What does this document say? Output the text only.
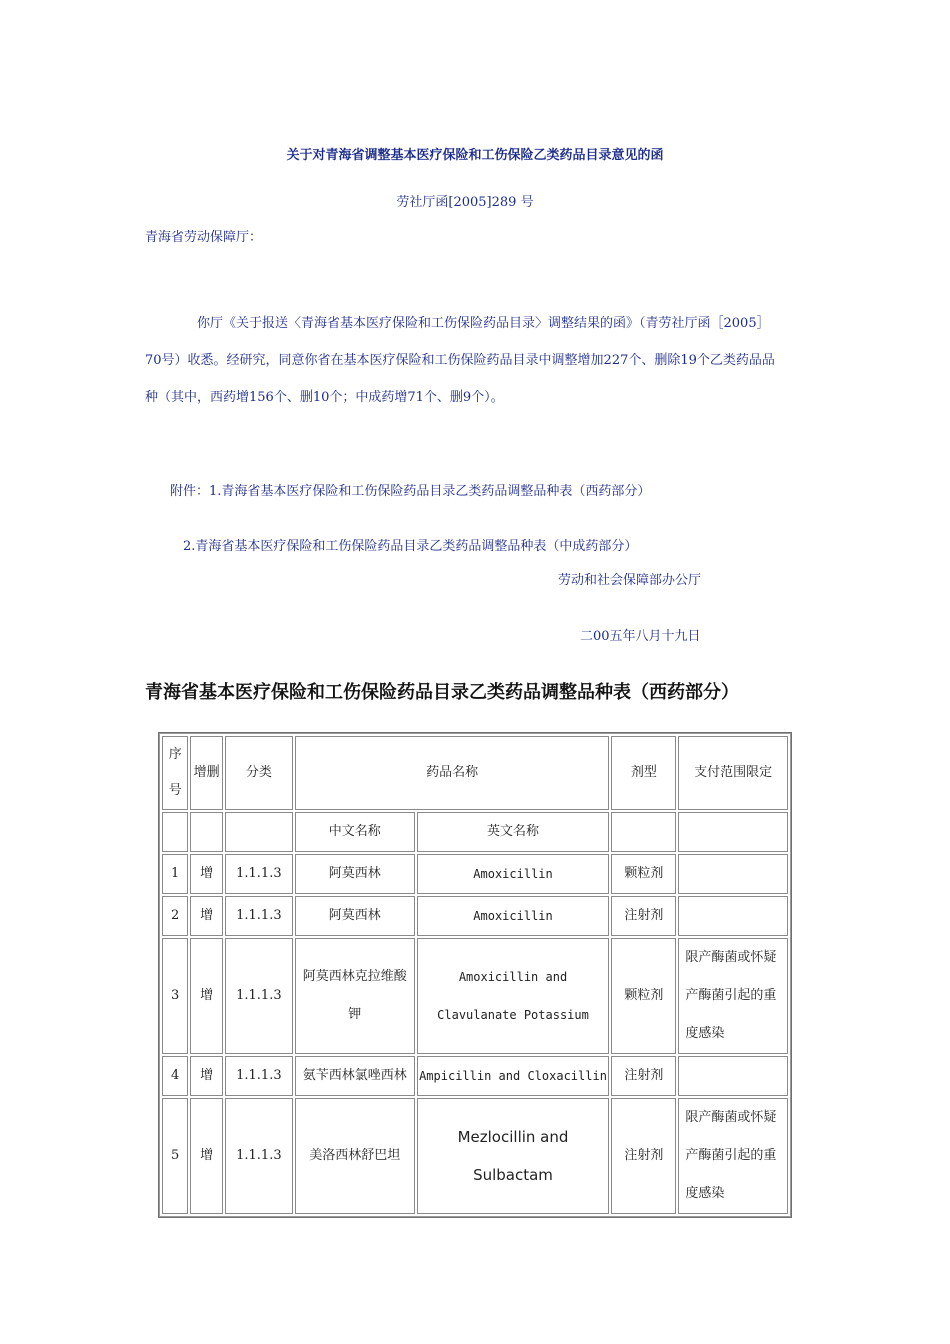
关于对青海省调整基本医疗保险和工伤保险乙类药品目录意见的函
劳社厅函[2005]289 号
青海省劳动保障厅：
你厅《关于报送〈青海省基本医疗保险和工伤保险药品目录〉调整结果的函》（青劳社厅函［2005］70号）收悉。经研究，同意你省在基本医疗保险和工伤保险药品目录中调整增加227个、删除19个乙类药品品种（其中，西药增156个、删10个；中成药增71个、删9个）。
附件：1.青海省基本医疗保险和工伤保险药品目录乙类药品调整品种表（西药部分）
2.青海省基本医疗保险和工伤保险药品目录乙类药品调整品种表（中成药部分）
劳动和社会保障部办公厅
二00五年八月十九日
青海省基本医疗保险和工伤保险药品目录乙类药品调整品种表（西药部分）
序号	增删	分类	药品名称		剂型	支付范围限定
			中文名称	英文名称		
1	增	1.1.1.3	阿莫西林	Amoxicillin	颗粒剂	
2	增	1.1.1.3	阿莫西林	Amoxicillin	注射剂	
3	增	1.1.1.3	阿莫西林克拉维酸钾	Amoxicillin and Clavulanate Potassium	颗粒剂	限产酶菌或怀疑产酶菌引起的重度感染
4	增	1.1.1.3	氨苄西林氯唑西林	Ampicillin and Cloxacillin	注射剂	
5	增	1.1.1.3	美洛西林舒巴坦	Mezlocillin and Sulbactam	注射剂	限产酶菌或怀疑产酶菌引起的重度感染
